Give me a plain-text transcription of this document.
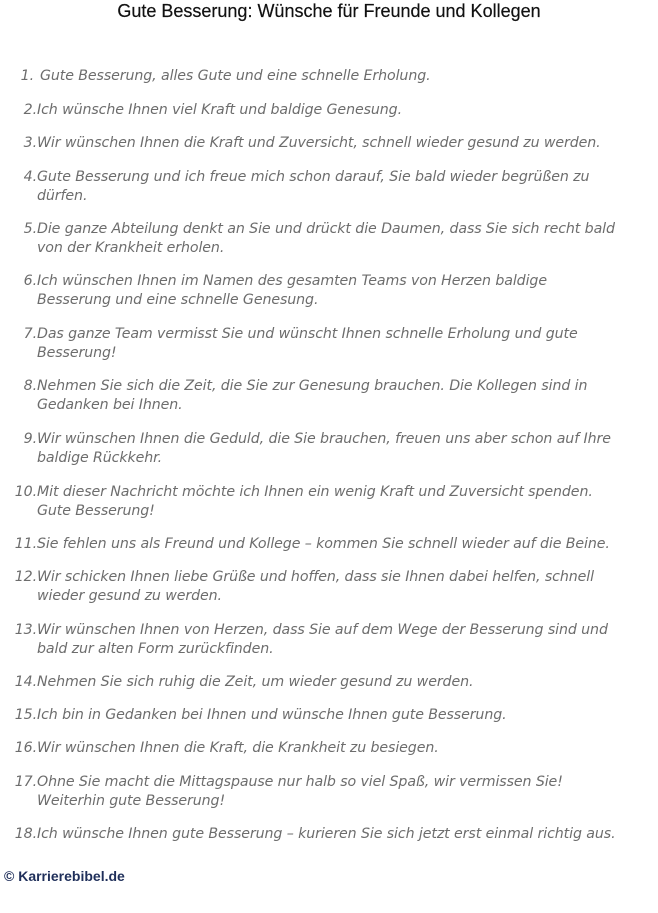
Gute Besserung: Wünsche für Freunde und Kollegen
1. Gute Besserung, alles Gute und eine schnelle Erholung.
2. Ich wünsche Ihnen viel Kraft und baldige Genesung.
3. Wir wünschen Ihnen die Kraft und Zuversicht, schnell wieder gesund zu werden.
4. Gute Besserung und ich freue mich schon darauf, Sie bald wieder begrüßen zu
dürfen.
5. Die ganze Abteilung denkt an Sie und drückt die Daumen, dass Sie sich recht bald
von der Krankheit erholen.
6. Ich wünschen Ihnen im Namen des gesamten Teams von Herzen baldige
Besserung und eine schnelle Genesung.
7. Das ganze Team vermisst Sie und wünscht Ihnen schnelle Erholung und gute
Besserung!
8. Nehmen Sie sich die Zeit, die Sie zur Genesung brauchen. Die Kollegen sind in
Gedanken bei Ihnen.
9. Wir wünschen Ihnen die Geduld, die Sie brauchen, freuen uns aber schon auf Ihre
baldige Rückkehr.
10. Mit dieser Nachricht möchte ich Ihnen ein wenig Kraft und Zuversicht spenden.
Gute Besserung!
11. Sie fehlen uns als Freund und Kollege – kommen Sie schnell wieder auf die Beine.
12. Wir schicken Ihnen liebe Grüße und hoffen, dass sie Ihnen dabei helfen, schnell
wieder gesund zu werden.
13. Wir wünschen Ihnen von Herzen, dass Sie auf dem Wege der Besserung sind und
bald zur alten Form zurückfinden.
14. Nehmen Sie sich ruhig die Zeit, um wieder gesund zu werden.
15. Ich bin in Gedanken bei Ihnen und wünsche Ihnen gute Besserung.
16. Wir wünschen Ihnen die Kraft, die Krankheit zu besiegen.
17. Ohne Sie macht die Mittagspause nur halb so viel Spaß, wir vermissen Sie!
Weiterhin gute Besserung!
18. Ich wünsche Ihnen gute Besserung – kurieren Sie sich jetzt erst einmal richtig aus.
© Karrierebibel.de
